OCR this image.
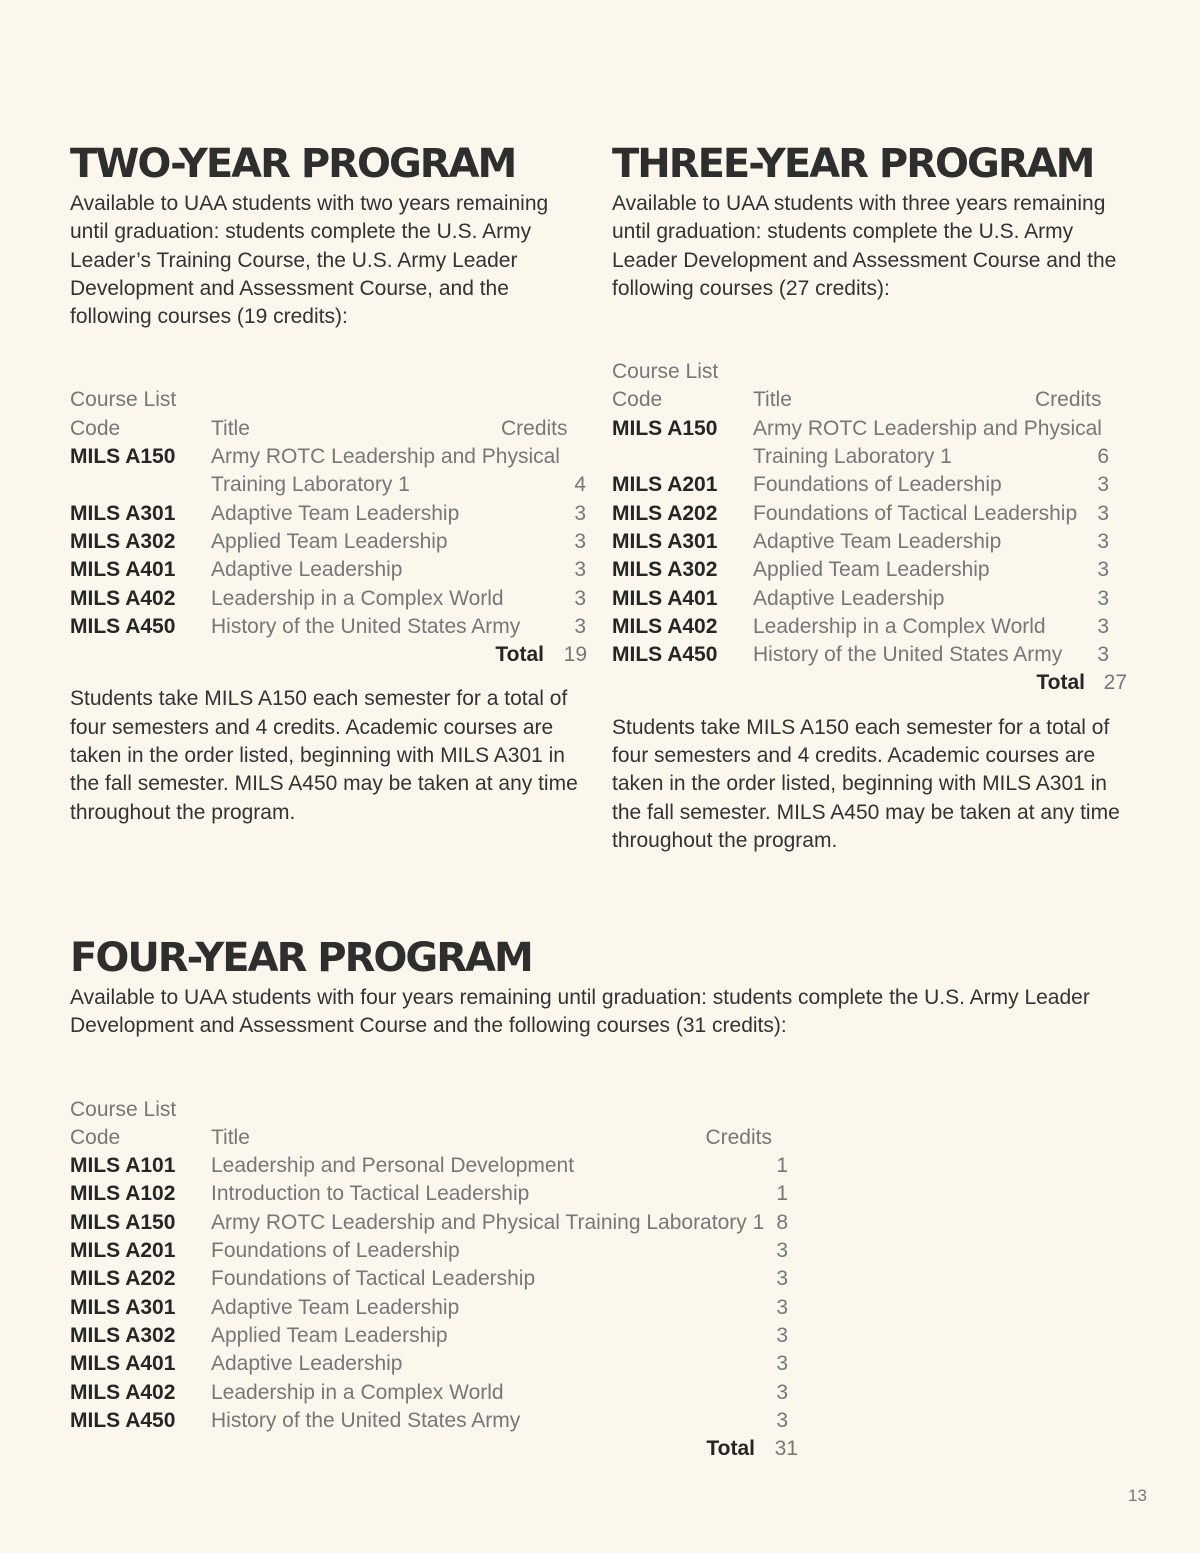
TWO-YEAR PROGRAM

Available to UAA students with two years remaining until graduation: students complete the U.S. Army Leader’s Training Course, the U.S. Army Leader Development and Assessment Course, and the following courses (19 credits):

Course List
Code	Title	Credits
MILS A150	Army ROTC Leadership and Physical
Training Laboratory 1	4
MILS A301	Adaptive Team Leadership	3
MILS A302	Applied Team Leadership	3
MILS A401	Adaptive Leadership	3
MILS A402	Leadership in a Complex World	3
MILS A450	History of the United States Army	3
Total 19

Students take MILS A150 each semester for a total of four semesters and 4 credits. Academic courses are taken in the order listed, beginning with MILS A301 in the fall semester. MILS A450 may be taken at any time throughout the program.

THREE-YEAR PROGRAM

Available to UAA students with three years remaining until graduation: students complete the U.S. Army Leader Development and Assessment Course and the following courses (27 credits):

Course List
Code	Title	Credits
MILS A150	Army ROTC Leadership and Physical
Training Laboratory 1	6
MILS A201	Foundations of Leadership	3
MILS A202	Foundations of Tactical Leadership 3
MILS A301	Adaptive Team Leadership	3
MILS A302	Applied Team Leadership	3
MILS A401	Adaptive Leadership	3
MILS A402	Leadership in a Complex World	3
MILS A450	History of the United States Army	3
Total 27

Students take MILS A150 each semester for a total of four semesters and 4 credits. Academic courses are taken in the order listed, beginning with MILS A301 in the fall semester. MILS A450 may be taken at any time throughout the program.

FOUR-YEAR PROGRAM

Available to UAA students with four years remaining until graduation: students complete the U.S. Army Leader Development and Assessment Course and the following courses (31 credits):

Course List
Code	Title	Credits
MILS A101	Leadership and Personal Development	1
MILS A102	Introduction to Tactical Leadership	1
MILS A150	Army ROTC Leadership and Physical Training Laboratory 1 8
MILS A201	Foundations of Leadership	3
MILS A202	Foundations of Tactical Leadership	3
MILS A301	Adaptive Team Leadership	3
MILS A302	Applied Team Leadership	3
MILS A401	Adaptive Leadership	3
MILS A402	Leadership in a Complex World	3
MILS A450	History of the United States Army	3
Total 31
13
